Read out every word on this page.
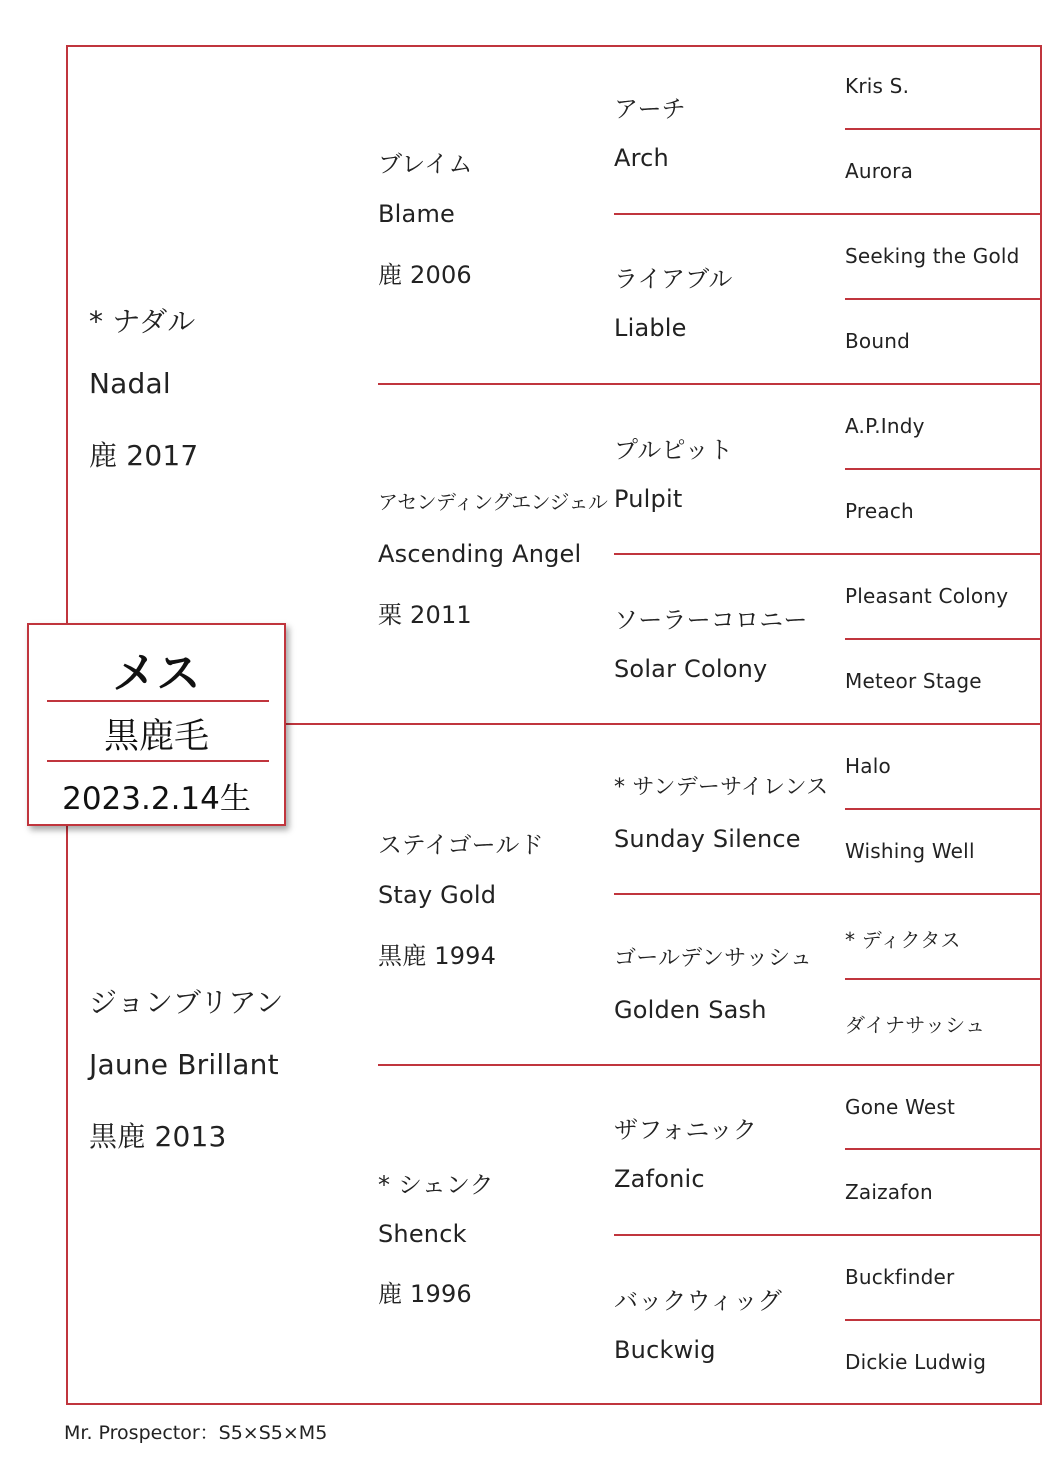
* ナダル
Nadal
鹿 2017
ジョンブリアン
Jaune Brillant
黒鹿 2013
ブレイム
Blame
鹿 2006
アセンディングエンジェル
Ascending Angel
栗 2011
ステイゴールド
Stay Gold
黒鹿 1994
* シェンク
Shenck
鹿 1996
アーチ
Arch
ライアブル
Liable
プルピット
Pulpit
ソーラーコロニー
Solar Colony
* サンデーサイレンス
Sunday Silence
ゴールデンサッシュ
Golden Sash
ザフォニック
Zafonic
バックウィッグ
Buckwig
Kris S.
Aurora
Seeking the Gold
Bound
A.P.Indy
Preach
Pleasant Colony
Meteor Stage
Halo
Wishing Well
* ディクタス
ダイナサッシュ
Gone West
Zaizafon
Buckfinder
Dickie Ludwig
メス
黒鹿毛
2023.2.14生
Mr. Prospector：S5×S5×M5
